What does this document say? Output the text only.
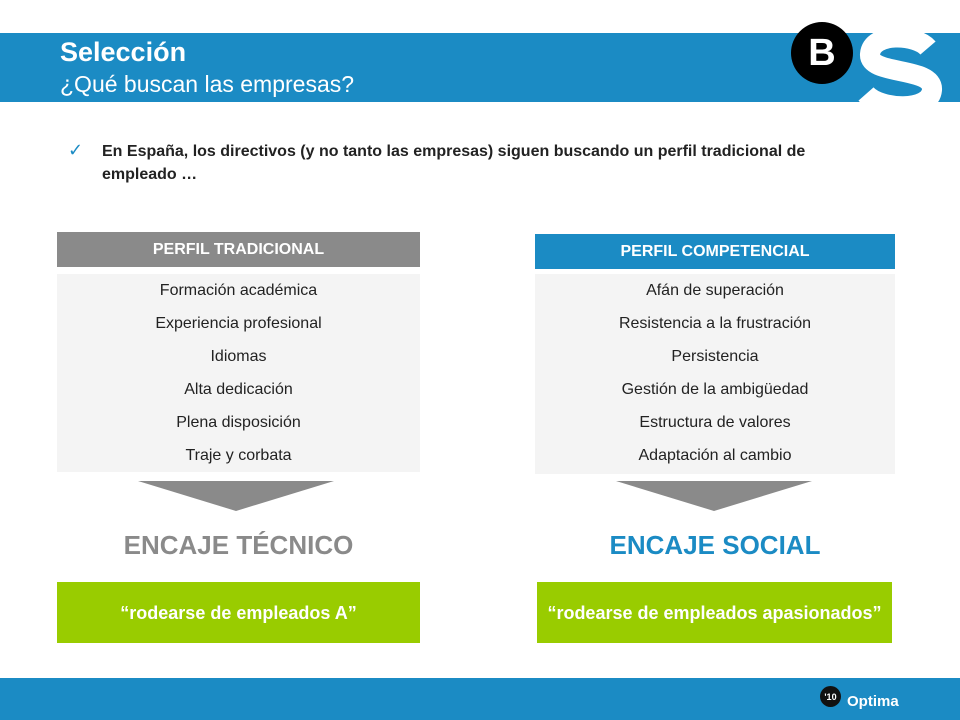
Selección
¿Qué buscan las empresas?
B
✓	En España, los directivos (y no tanto las empresas) siguen buscando un perfil tradicional de empleado …
PERFIL TRADICIONAL
Formación académica
Experiencia profesional
Idiomas
Alta dedicación
Plena disposición
Traje y corbata
ENCAJE TÉCNICO
“rodearse de empleados A”
PERFIL COMPETENCIAL
Afán de superación
Resistencia a la frustración
Persistencia
Gestión de la ambigüedad
Estructura de valores
Adaptación al cambio
ENCAJE SOCIAL
“rodearse de empleados apasionados”
'10 Optima
